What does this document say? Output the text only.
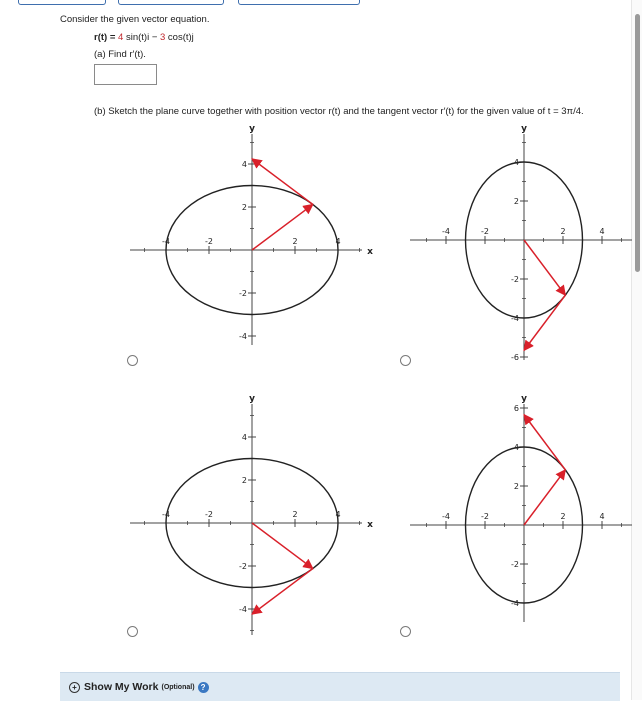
Consider the given vector equation.
r(t) = 4 sin(t)i − 3 cos(t)j
(a) Find r′(t).
(b) Sketch the plane curve together with position vector r(t) and the tangent vector r′(t) for the given value of t = 3π/4.
-4	-2	2	4
-4
-2
2
4
y
x
-4	-2	2	4
-6
-4
-2
2
4
y
-4	-2	2	4
-4
-2
2
4
y
x
-4	-2	2	4
-4
-2
2
4
6
y
+ Show My Work (Optional) ?
